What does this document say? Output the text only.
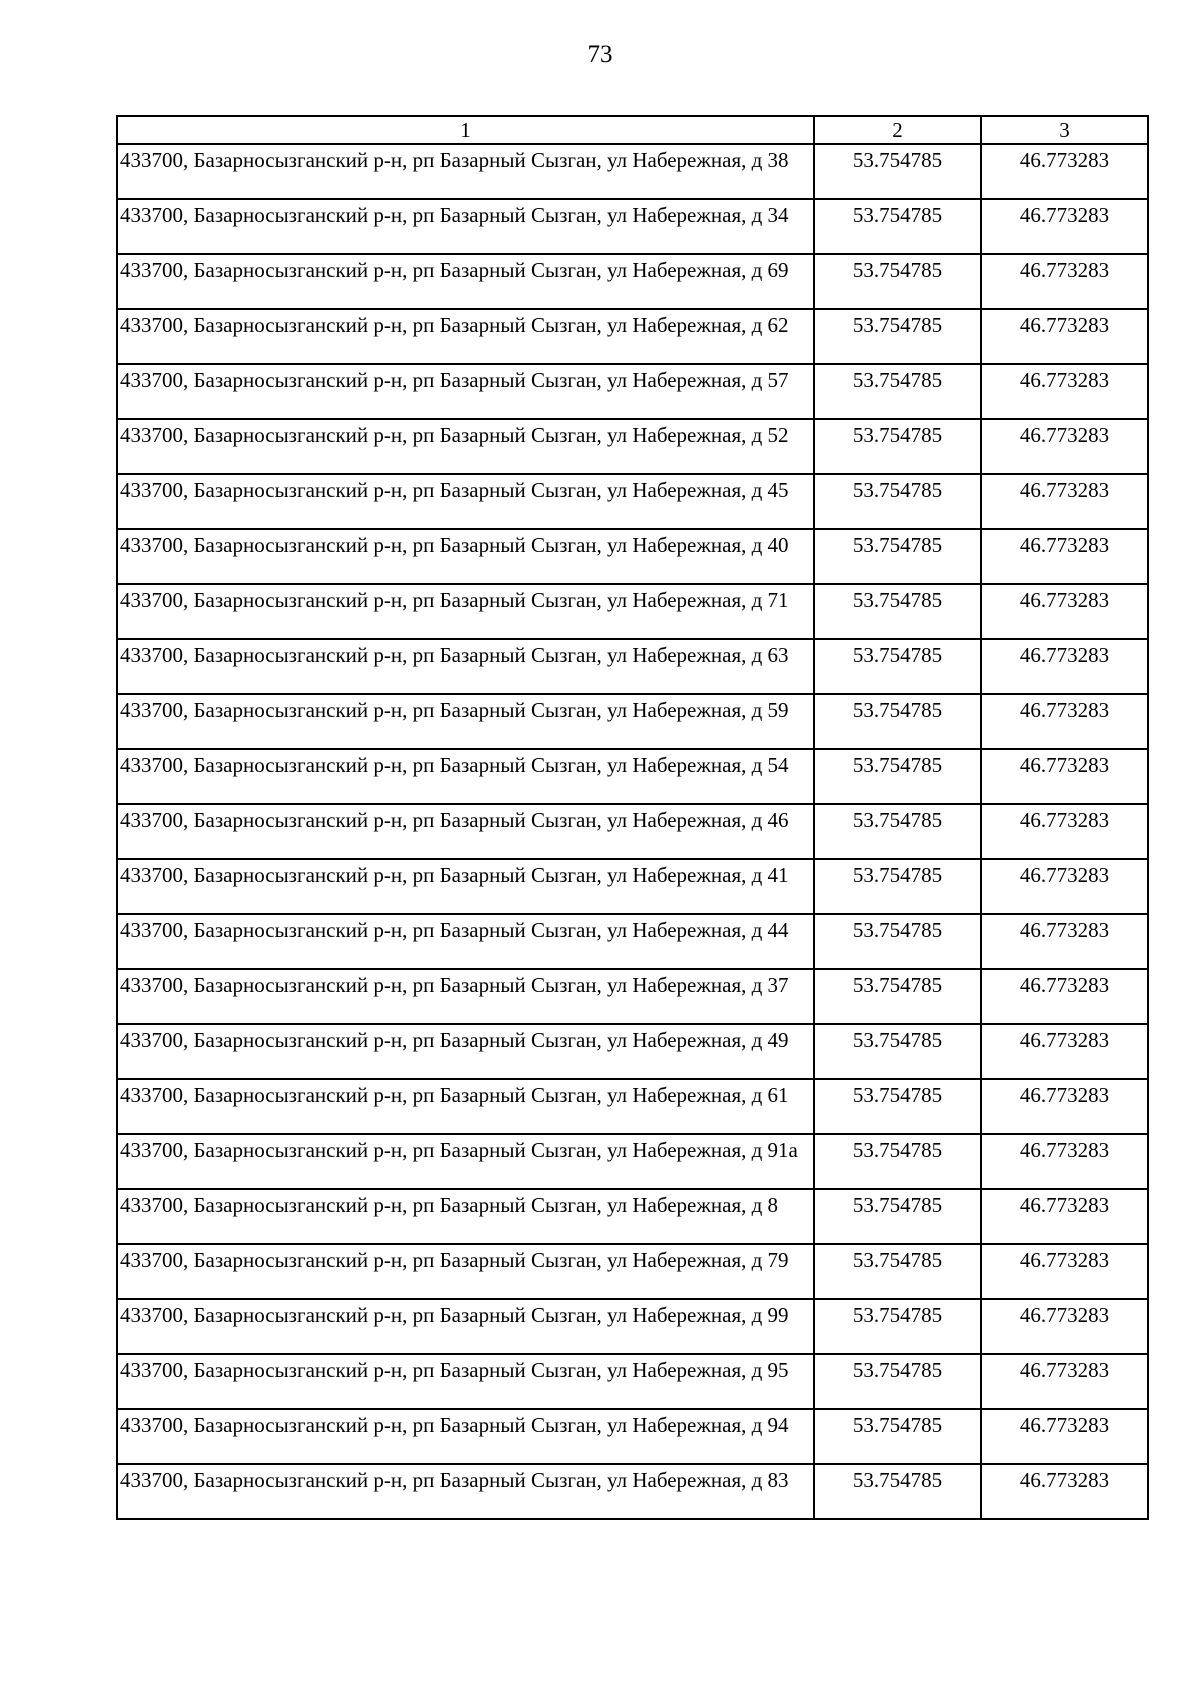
73
1	2	3
433700, Базарносызганский р-н, рп Базарный Сызган, ул Набережная, д 38	53.754785	46.773283
433700, Базарносызганский р-н, рп Базарный Сызган, ул Набережная, д 34	53.754785	46.773283
433700, Базарносызганский р-н, рп Базарный Сызган, ул Набережная, д 69	53.754785	46.773283
433700, Базарносызганский р-н, рп Базарный Сызган, ул Набережная, д 62	53.754785	46.773283
433700, Базарносызганский р-н, рп Базарный Сызган, ул Набережная, д 57	53.754785	46.773283
433700, Базарносызганский р-н, рп Базарный Сызган, ул Набережная, д 52	53.754785	46.773283
433700, Базарносызганский р-н, рп Базарный Сызган, ул Набережная, д 45	53.754785	46.773283
433700, Базарносызганский р-н, рп Базарный Сызган, ул Набережная, д 40	53.754785	46.773283
433700, Базарносызганский р-н, рп Базарный Сызган, ул Набережная, д 71	53.754785	46.773283
433700, Базарносызганский р-н, рп Базарный Сызган, ул Набережная, д 63	53.754785	46.773283
433700, Базарносызганский р-н, рп Базарный Сызган, ул Набережная, д 59	53.754785	46.773283
433700, Базарносызганский р-н, рп Базарный Сызган, ул Набережная, д 54	53.754785	46.773283
433700, Базарносызганский р-н, рп Базарный Сызган, ул Набережная, д 46	53.754785	46.773283
433700, Базарносызганский р-н, рп Базарный Сызган, ул Набережная, д 41	53.754785	46.773283
433700, Базарносызганский р-н, рп Базарный Сызган, ул Набережная, д 44	53.754785	46.773283
433700, Базарносызганский р-н, рп Базарный Сызган, ул Набережная, д 37	53.754785	46.773283
433700, Базарносызганский р-н, рп Базарный Сызган, ул Набережная, д 49	53.754785	46.773283
433700, Базарносызганский р-н, рп Базарный Сызган, ул Набережная, д 61	53.754785	46.773283
433700, Базарносызганский р-н, рп Базарный Сызган, ул Набережная, д 91а	53.754785	46.773283
433700, Базарносызганский р-н, рп Базарный Сызган, ул Набережная, д 8	53.754785	46.773283
433700, Базарносызганский р-н, рп Базарный Сызган, ул Набережная, д 79	53.754785	46.773283
433700, Базарносызганский р-н, рп Базарный Сызган, ул Набережная, д 99	53.754785	46.773283
433700, Базарносызганский р-н, рп Базарный Сызган, ул Набережная, д 95	53.754785	46.773283
433700, Базарносызганский р-н, рп Базарный Сызган, ул Набережная, д 94	53.754785	46.773283
433700, Базарносызганский р-н, рп Базарный Сызган, ул Набережная, д 83	53.754785	46.773283
